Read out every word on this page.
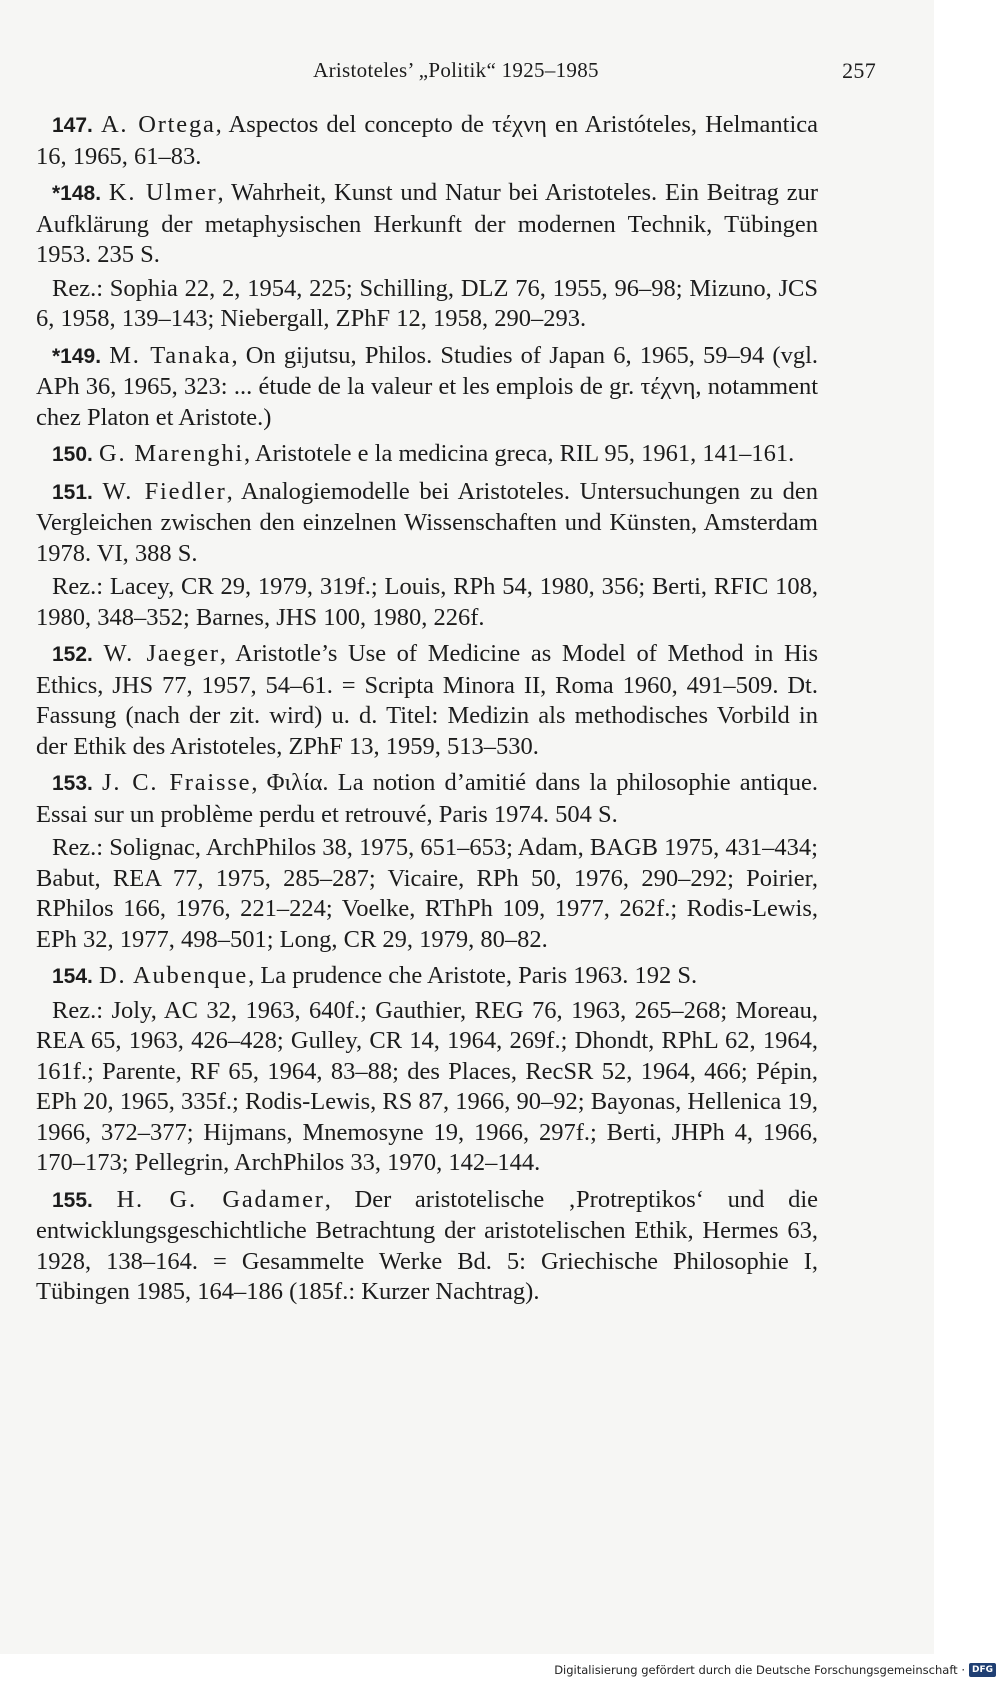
Aristoteles’ „Politik“ 1925–1985	257

147. A. Ortega, Aspectos del concepto de τέχνη en Aristóteles, Helmantica 16, 1965, 61–83.

*148. K. Ulmer, Wahrheit, Kunst und Natur bei Aristoteles. Ein Beitrag zur Aufklärung der metaphysischen Herkunft der modernen Technik, Tübingen 1953. 235 S.

Rez.: Sophia 22, 2, 1954, 225; Schilling, DLZ 76, 1955, 96–98; Mizuno, JCS 6, 1958, 139–143; Niebergall, ZPhF 12, 1958, 290–293.

*149. M. Tanaka, On gijutsu, Philos. Studies of Japan 6, 1965, 59–94 (vgl. APh 36, 1965, 323: ... étude de la valeur et les emplois de gr. τέχνη, notamment chez Platon et Aristote.)

150. G. Marenghi, Aristotele e la medicina greca, RIL 95, 1961, 141–161.

151. W. Fiedler, Analogiemodelle bei Aristoteles. Untersuchungen zu den Vergleichen zwischen den einzelnen Wissenschaften und Künsten, Amsterdam 1978. VI, 388 S.

Rez.: Lacey, CR 29, 1979, 319f.; Louis, RPh 54, 1980, 356; Berti, RFIC 108, 1980, 348–352; Barnes, JHS 100, 1980, 226f.

152. W. Jaeger, Aristotle’s Use of Medicine as Model of Method in His Ethics, JHS 77, 1957, 54–61. = Scripta Minora II, Roma 1960, 491–509. Dt. Fassung (nach der zit. wird) u. d. Titel: Medizin als methodisches Vorbild in der Ethik des Aristoteles, ZPhF 13, 1959, 513–530.

153. J. C. Fraisse, Φιλία. La notion d’amitié dans la philosophie antique. Essai sur un problème perdu et retrouvé, Paris 1974. 504 S.

Rez.: Solignac, ArchPhilos 38, 1975, 651–653; Adam, BAGB 1975, 431–434; Babut, REA 77, 1975, 285–287; Vicaire, RPh 50, 1976, 290–292; Poirier, RPhilos 166, 1976, 221–224; Voelke, RThPh 109, 1977, 262f.; Rodis-Lewis, EPh 32, 1977, 498–501; Long, CR 29, 1979, 80–82.

154. D. Aubenque, La prudence che Aristote, Paris 1963. 192 S.

Rez.: Joly, AC 32, 1963, 640f.; Gauthier, REG 76, 1963, 265–268; Moreau, REA 65, 1963, 426–428; Gulley, CR 14, 1964, 269f.; Dhondt, RPhL 62, 1964, 161f.; Parente, RF 65, 1964, 83–88; des Places, RecSR 52, 1964, 466; Pépin, EPh 20, 1965, 335f.; Rodis-Lewis, RS 87, 1966, 90–92; Bayonas, Hellenica 19, 1966, 372–377; Hijmans, Mnemosyne 19, 1966, 297f.; Berti, JHPh 4, 1966, 170–173; Pellegrin, ArchPhilos 33, 1970, 142–144.

155. H. G. Gadamer, Der aristotelische ‚Protreptikos‘ und die entwicklungsgeschichtliche Betrachtung der aristotelischen Ethik, Hermes 63, 1928, 138–164. = Gesammelte Werke Bd. 5: Griechische Philosophie I, Tübingen 1985, 164–186 (185f.: Kurzer Nachtrag).

Digitalisierung gefördert durch die Deutsche Forschungsgemeinschaft · DFG
